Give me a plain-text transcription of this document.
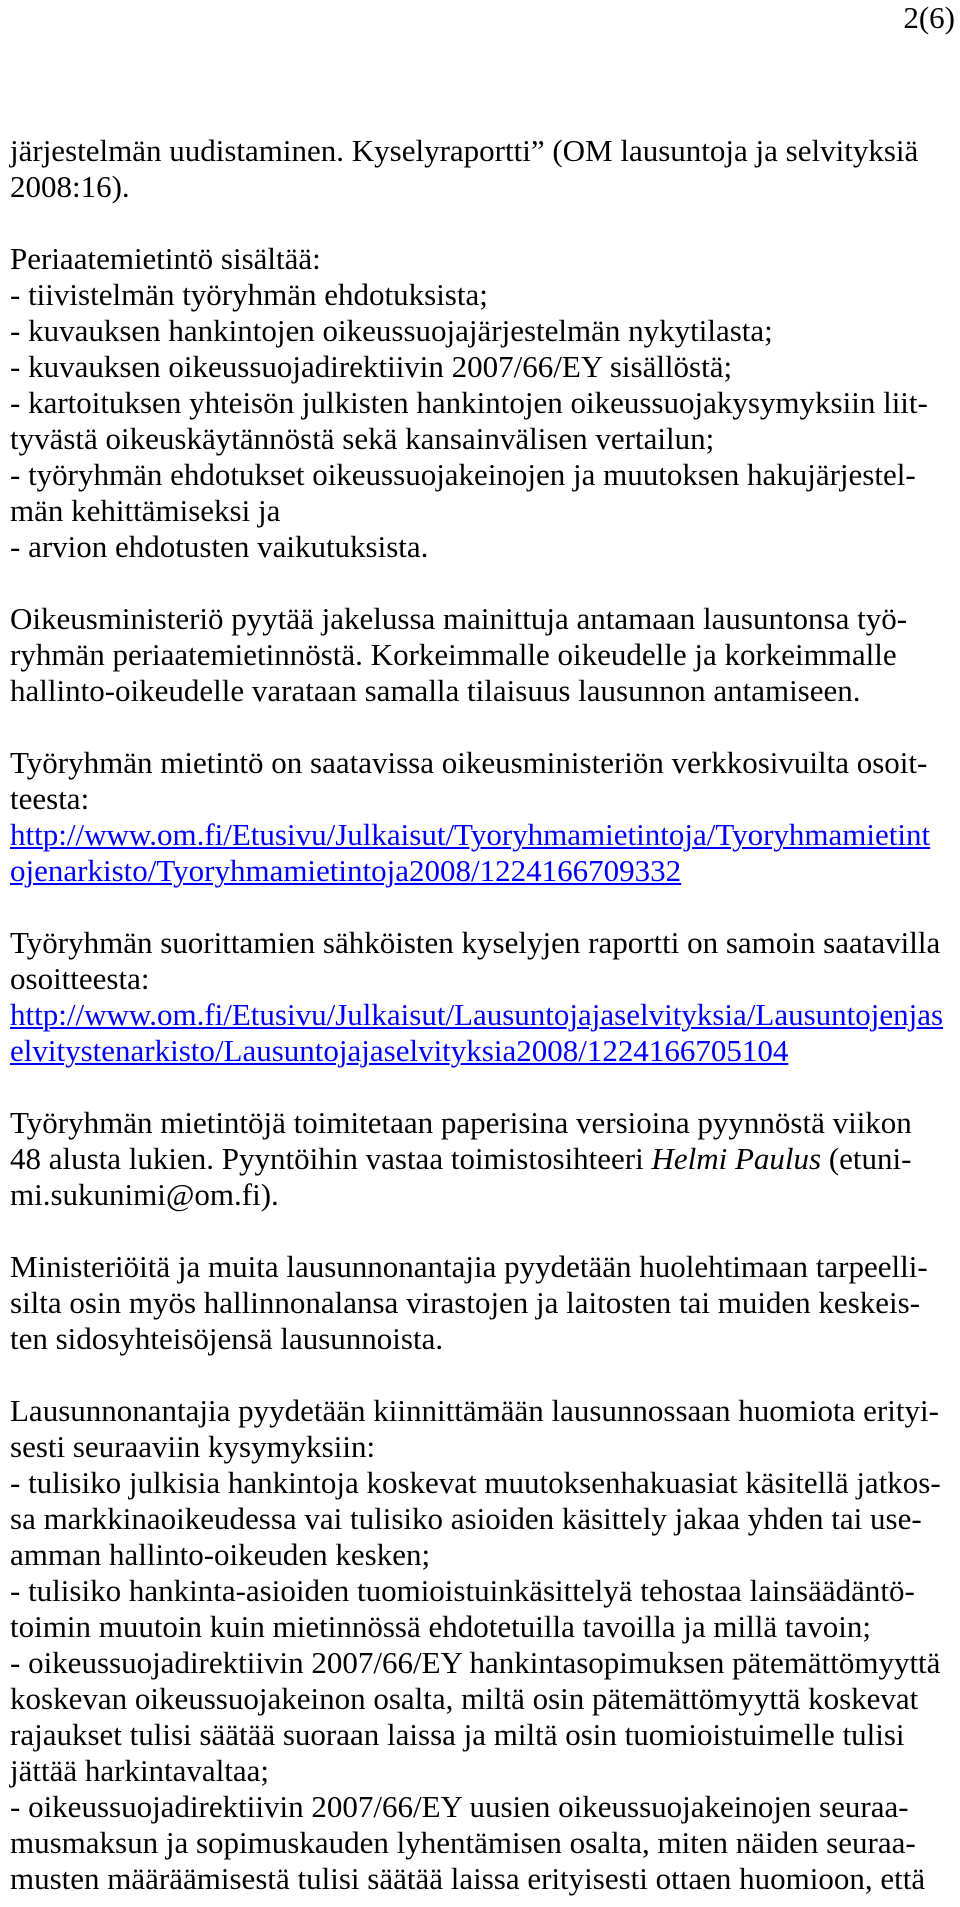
2(6)
järjestelmän uudistaminen. Kyselyraportti” (OM lausuntoja ja selvityksiä
2008:16).
Periaatemietintö sisältää:
- tiivistelmän työryhmän ehdotuksista;
- kuvauksen hankintojen oikeussuojajärjestelmän nykytilasta;
- kuvauksen oikeussuojadirektiivin 2007/66/EY sisällöstä;
- kartoituksen yhteisön julkisten hankintojen oikeussuojakysymyksiin liit-
tyvästä oikeuskäytännöstä sekä kansainvälisen vertailun;
- työryhmän ehdotukset oikeussuojakeinojen ja muutoksen hakujärjestel-
män kehittämiseksi ja
- arvion ehdotusten vaikutuksista.
Oikeusministeriö pyytää jakelussa mainittuja antamaan lausuntonsa työ-
ryhmän periaatemietinnöstä. Korkeimmalle oikeudelle ja korkeimmalle
hallinto-oikeudelle varataan samalla tilaisuus lausunnon antamiseen.
Työryhmän mietintö on saatavissa oikeusministeriön verkkosivuilta osoit-
teesta:
http://www.om.fi/Etusivu/Julkaisut/Tyoryhmamietintoja/Tyoryhmamietint
ojenarkisto/Tyoryhmamietintoja2008/1224166709332
Työryhmän suorittamien sähköisten kyselyjen raportti on samoin saatavilla
osoitteesta:
http://www.om.fi/Etusivu/Julkaisut/Lausuntojajaselvityksia/Lausuntojenjas
elvitystenarkisto/Lausuntojajaselvityksia2008/1224166705104
Työryhmän mietintöjä toimitetaan paperisina versioina pyynnöstä viikon
48 alusta lukien. Pyyntöihin vastaa toimistosihteeri Helmi Paulus (etuni-
mi.sukunimi@om.fi).
Ministeriöitä ja muita lausunnonantajia pyydetään huolehtimaan tarpeelli-
silta osin myös hallinnonalansa virastojen ja laitosten tai muiden keskeis-
ten sidosyhteisöjensä lausunnoista.
Lausunnonantajia pyydetään kiinnittämään lausunnossaan huomiota erityi-
sesti seuraaviin kysymyksiin:
- tulisiko julkisia hankintoja koskevat muutoksenhakuasiat käsitellä jatkos-
sa markkinaoikeudessa vai tulisiko asioiden käsittely jakaa yhden tai use-
amman hallinto-oikeuden kesken;
- tulisiko hankinta-asioiden tuomioistuinkäsittelyä tehostaa lainsäädäntö-
toimin muutoin kuin mietinnössä ehdotetuilla tavoilla ja millä tavoin;
- oikeussuojadirektiivin 2007/66/EY hankintasopimuksen pätemättömyyttä
koskevan oikeussuojakeinon osalta, miltä osin pätemättömyyttä koskevat
rajaukset tulisi säätää suoraan laissa ja miltä osin tuomioistuimelle tulisi
jättää harkintavaltaa;
- oikeussuojadirektiivin 2007/66/EY uusien oikeussuojakeinojen seuraa-
musmaksun ja sopimuskauden lyhentämisen osalta, miten näiden seuraa-
musten määräämisestä tulisi säätää laissa erityisesti ottaen huomioon, että
